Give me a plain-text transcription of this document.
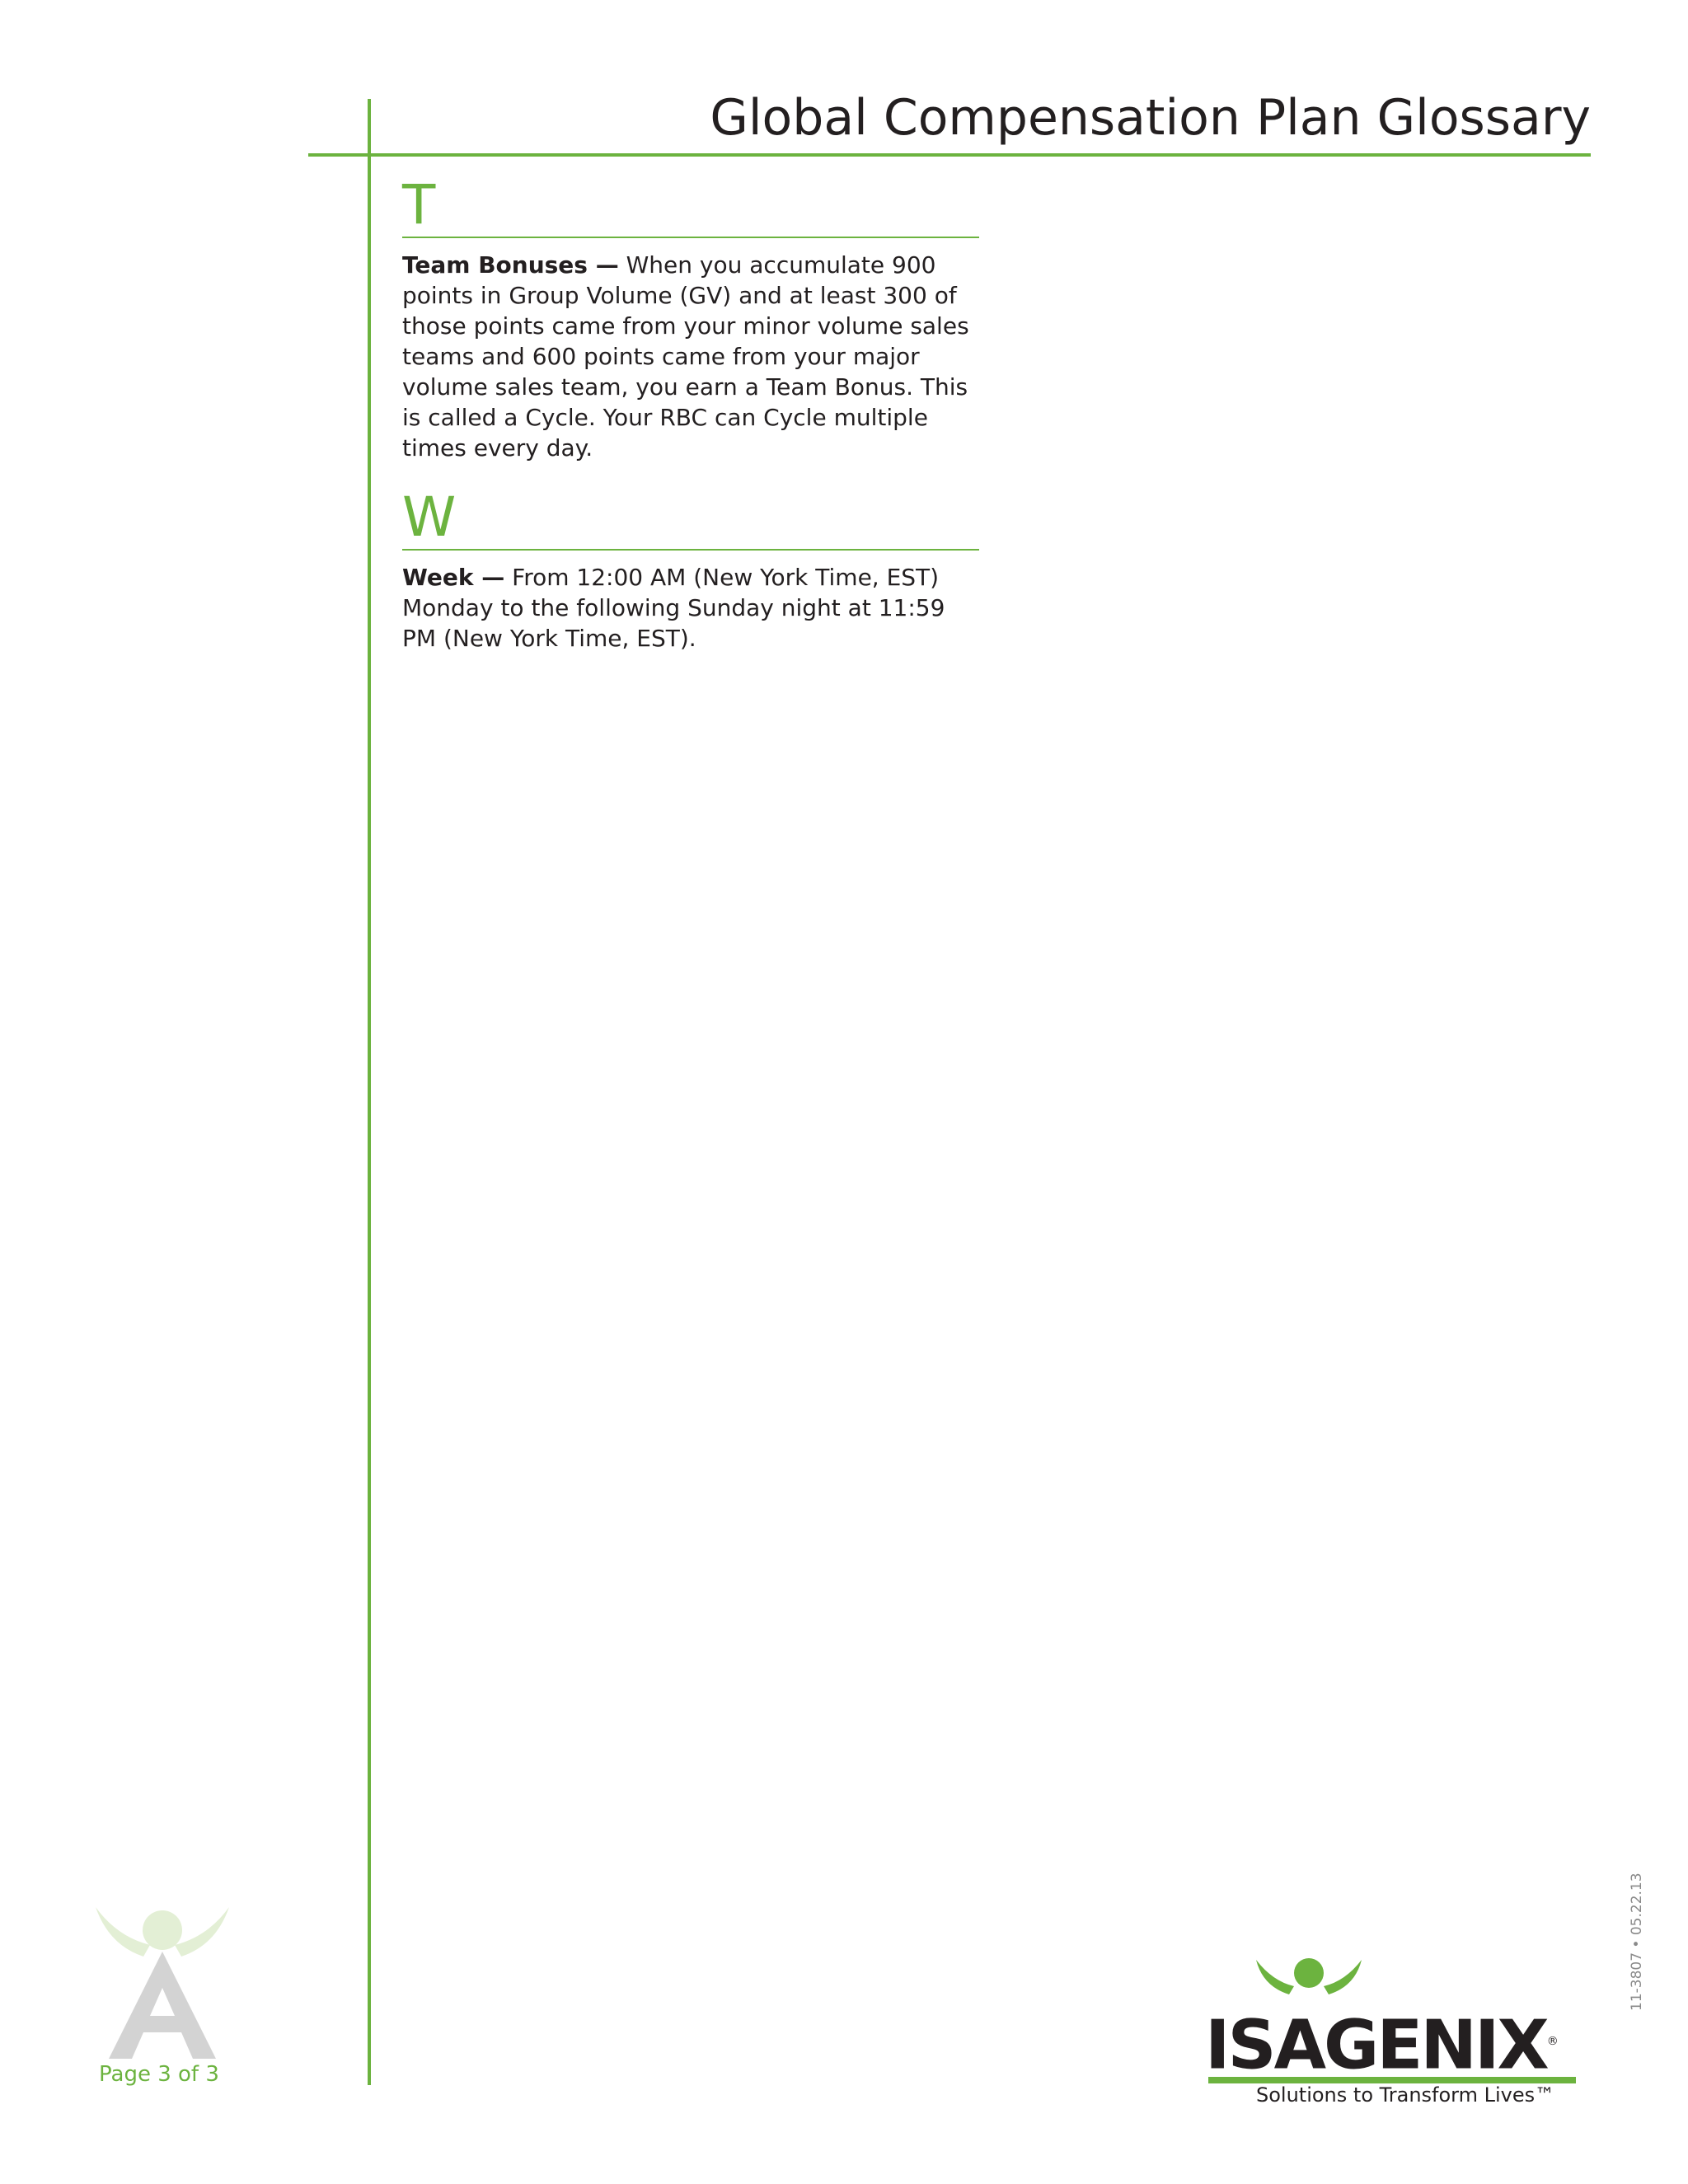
Global Compensation Plan Glossary
T

Team Bonuses — When you accumulate 900 points in Group Volume (GV) and at least 300 of those points came from your minor volume sales teams and 600 points came from your major volume sales team, you earn a Team Bonus. This is called a Cycle. Your RBC can Cycle multiple times every day.

W

Week — From 12:00 AM (New York Time, EST) Monday to the following Sunday night at 11:59 PM (New York Time, EST).

Page 3 of 3	ISAGENIX®
Solutions to Transform Lives™
11-3807 • 05.22.13
